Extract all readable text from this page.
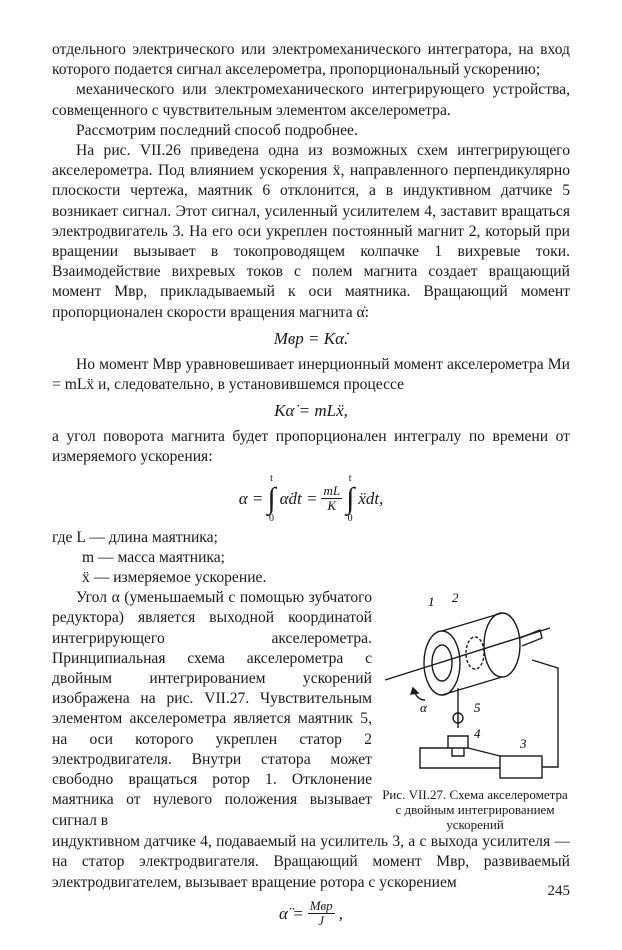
отдельного электрического или электромеханического интегратора, на вход которого подается сигнал акселерометра, пропорциональный ускорению;

механического или электромеханического интегрирующего устройства, совмещенного с чувствительным элементом акселерометра.

Рассмотрим последний способ подробнее.

На рис. VII.26 приведена одна из возможных схем интегрирующего акселерометра. Под влиянием ускорения ẍ, направленного перпендикулярно плоскости чертежа, маятник 6 отклонится, а в индуктивном датчике 5 возникает сигнал. Этот сигнал, усиленный усилителем 4, заставит вращаться электродвигатель 3. На его оси укреплен постоянный магнит 2, который при вращении вызывает в токопроводящем колпачке 1 вихревые токи. Взаимодействие вихревых токов с полем магнита создает вращающий момент Mвр, прикладываемый к оси маятника. Вращающий момент пропорционален скорости вращения магнита α̇:

Mвр = Kα̇.

Но момент Mвр уравновешивает инерционный момент акселерометра Mи = mLẍ и, следовательно, в установившемся процессе

Kα̇ = mLẍ,

а угол поворота магнита будет пропорционален интегралу по времени от измеряемого ускорения:

α =
t
∫
0
α̇dt = $\frac{mL}{K}$
t
∫
0
ẍdt,

где L — длина маятника;

m — масса маятника;

ẍ — измеряемое ускорение.

Угол α (уменьшаемый с помощью зубчатого редуктора) является выходной координатой интегрирующего акселерометра. Принципиальная схема акселерометра с двойным интегрированием ускорений изображена на рис. VII.27. Чувствительным элементом акселерометра является маятник 5, на оси которого укреплен статор 2 электродвигателя. Внутри статора может свободно вращаться ротор 1. Отклонение маятника от нулевого положения вызывает сигнал в

1 2
5
4
3
α
Рис. VII.27. Схема акселерометра с двойным интегрированием ускорений

индуктивном датчике 4, подаваемый на усилитель 3, а с выхода усилителя — на статор электродвигателя. Вращающий момент Mвр, развиваемый электродвигателем, вызывает вращение ротора с ускорением

α̈ = $\frac{\text{Mвр}}{J}$ ,
245
